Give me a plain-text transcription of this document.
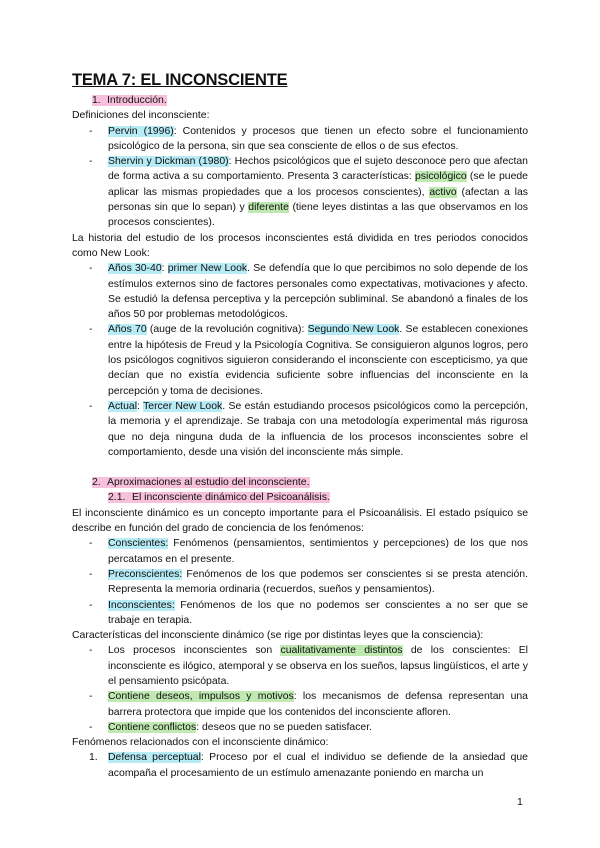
TEMA 7: EL INCONSCIENTE

1. Introducción.

Definiciones del inconsciente:

- Pervin (1996): Contenidos y procesos que tienen un efecto sobre el funcionamiento psicológico de la persona, sin que sea consciente de ellos o de sus efectos.
- Shervin y Dickman (1980): Hechos psicológicos que el sujeto desconoce pero que afectan de forma activa a su comportamiento. Presenta 3 características: psicológico (se le puede aplicar las mismas propiedades que a los procesos conscientes), activo (afectan a las personas sin que lo sepan) y diferente (tiene leyes distintas a las que observamos en los procesos conscientes).

La historia del estudio de los procesos inconscientes está dividida en tres periodos conocidos como New Look:

- Años 30-40: primer New Look. Se defendía que lo que percibimos no solo depende de los estímulos externos sino de factores personales como expectativas, motivaciones y afecto. Se estudió la defensa perceptiva y la percepción subliminal. Se abandonó a finales de los años 50 por problemas metodológicos.
- Años 70 (auge de la revolución cognitiva): Segundo New Look. Se establecen conexiones entre la hipótesis de Freud y la Psicología Cognitiva. Se consiguieron algunos logros, pero los psicólogos cognitivos siguieron considerando el inconsciente con escepticismo, ya que decían que no existía evidencia suficiente sobre influencias del inconsciente en la percepción y toma de decisiones.
- Actual: Tercer New Look. Se están estudiando procesos psicológicos como la percepción, la memoria y el aprendizaje. Se trabaja con una metodología experimental más rigurosa que no deja ninguna duda de la influencia de los procesos inconscientes sobre el comportamiento, desde una visión del inconsciente más simple.

2. Aproximaciones al estudio del inconsciente.

2.1. El inconsciente dinámico del Psicoanálisis.

El inconsciente dinámico es un concepto importante para el Psicoanálisis. El estado psíquico se describe en función del grado de conciencia de los fenómenos:

- Conscientes: Fenómenos (pensamientos, sentimientos y percepciones) de los que nos percatamos en el presente.
- Preconscientes: Fenómenos de los que podemos ser conscientes si se presta atención. Representa la memoria ordinaria (recuerdos, sueños y pensamientos).
- Inconscientes: Fenómenos de los que no podemos ser conscientes a no ser que se trabaje en terapia.

Características del inconsciente dinámico (se rige por distintas leyes que la consciencia):

- Los procesos inconscientes son cualitativamente distintos de los conscientes: El inconsciente es ilógico, atemporal y se observa en los sueños, lapsus lingüísticos, el arte y el pensamiento psicópata.
- Contiene deseos, impulsos y motivos: los mecanismos de defensa representan una barrera protectora que impide que los contenidos del inconsciente afloren.
- Contiene conflictos: deseos que no se pueden satisfacer.

Fenómenos relacionados con el inconsciente dinámico:

1. Defensa perceptual: Proceso por el cual el individuo se defiende de la ansiedad que acompaña el procesamiento de un estímulo amenazante poniendo en marcha un
1
